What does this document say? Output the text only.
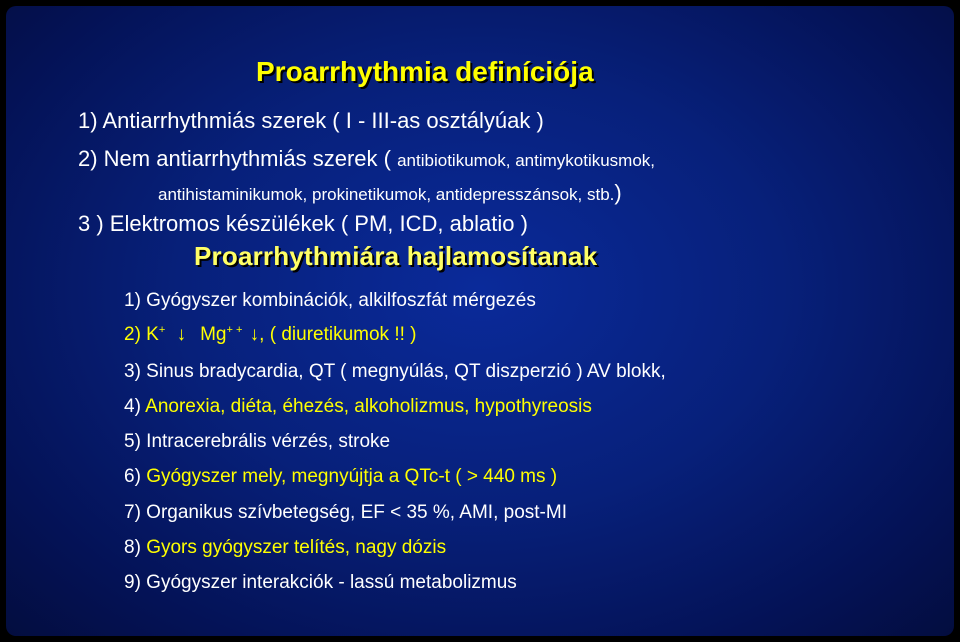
Proarrhythmia definíciója
1) Antiarrhythmiás szerek ( I - III-as osztályúak )
2) Nem antiarrhythmiás szerek ( antibiotikumok, antimykotikusmok,
antihistaminikumok, prokinetikumok, antidepresszánsok, stb.)
3 ) Elektromos készülékek ( PM, ICD, ablatio )
Proarrhythmiára hajlamosítanak
1) Gyógyszer kombinációk, alkilfoszfát mérgezés
2) K+ ↓ Mg+ + ↓, ( diuretikumok !! )
3) Sinus bradycardia, QT ( megnyúlás, QT diszperzió ) AV blokk,
4) Anorexia, diéta, éhezés, alkoholizmus, hypothyreosis
5) Intracerebrális vérzés, stroke
6) Gyógyszer mely, megnyújtja a QTc-t ( > 440 ms )
7) Organikus szívbetegség, EF < 35 %, AMI, post-MI
8) Gyors gyógyszer telítés, nagy dózis
9) Gyógyszer interakciók - lassú metabolizmus
